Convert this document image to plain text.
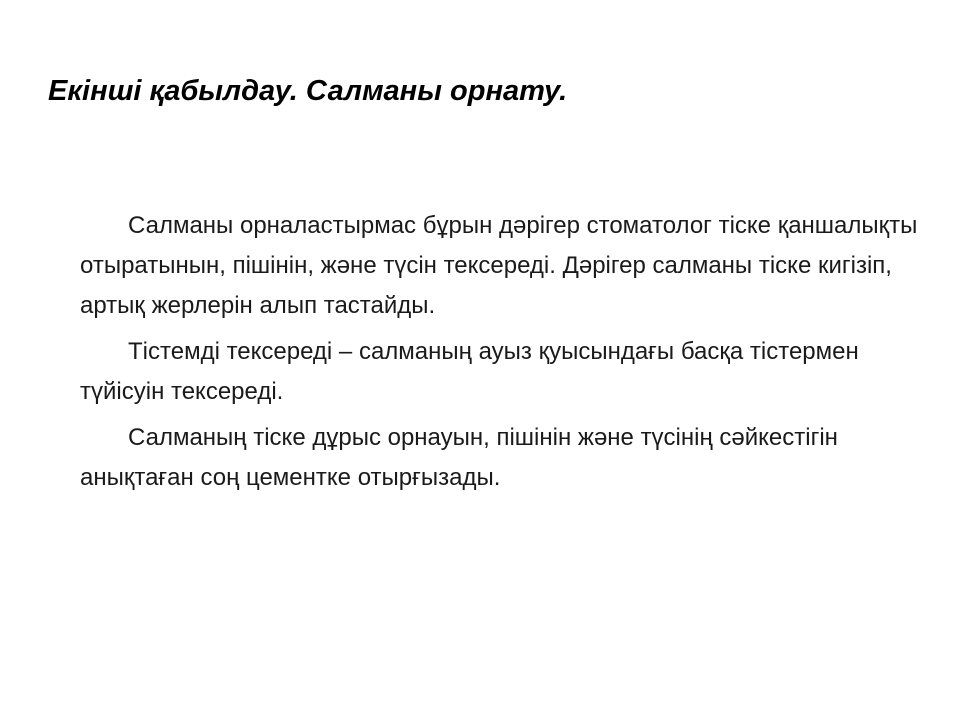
Екінші қабылдау. Салманы орнату.

Салманы орналастырмас бұрын дәрігер стоматолог тіске қаншалықты отыратынын, пішінін, және түсін тексереді. Дәрігер салманы тіске кигізіп, артық жерлерін алып тастайды.

Тістемді тексереді – салманың ауыз қуысындағы басқа тістермен түйісуін тексереді.

Салманың тіске дұрыс орнауын, пішінін және түсінің сәйкестігін анықтаған соң цементке отырғызады.
